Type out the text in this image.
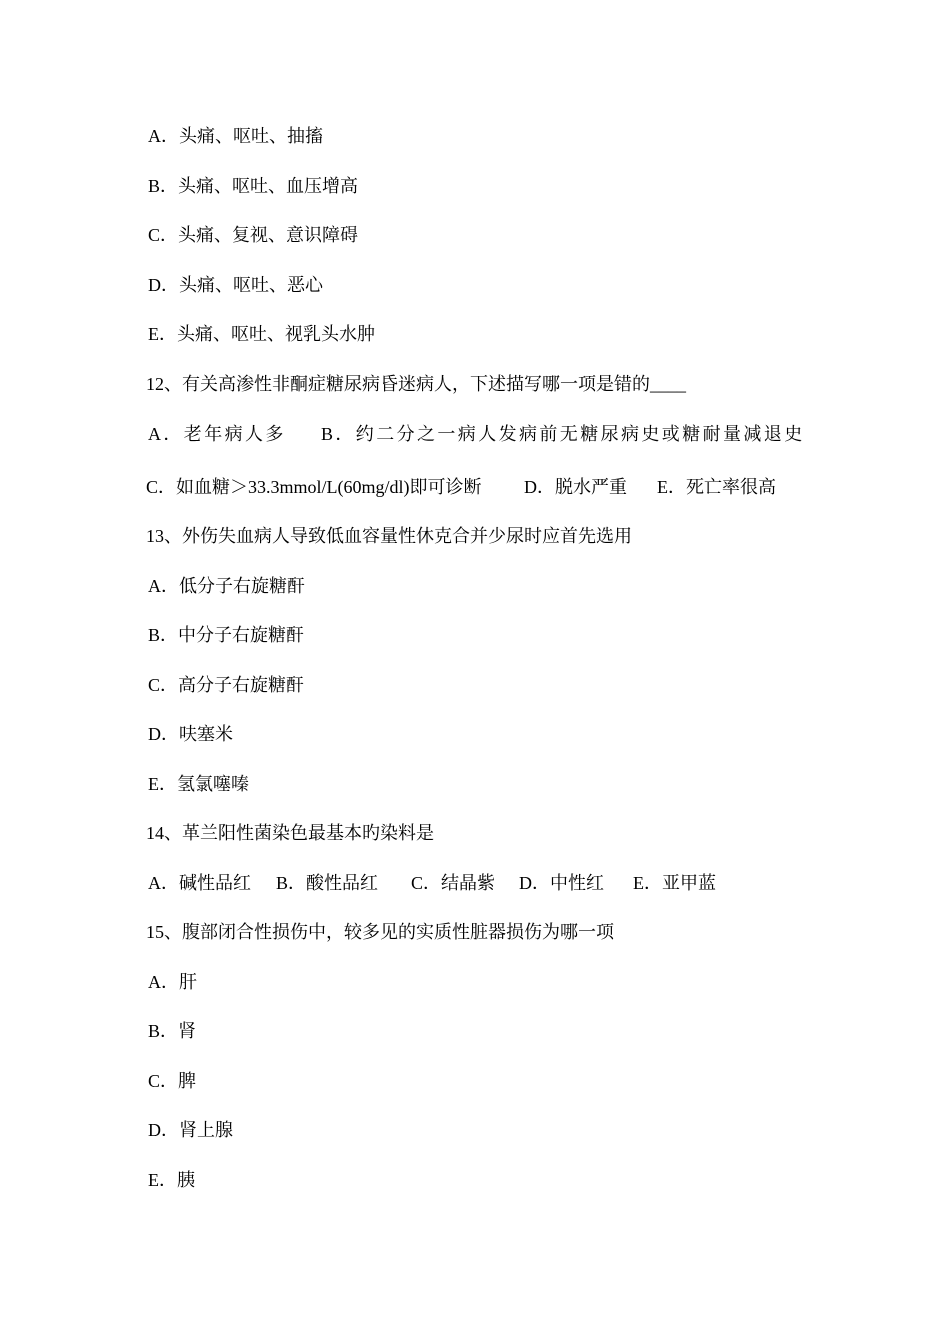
A．头痛、呕吐、抽搐
B．头痛、呕吐、血压增高
C．头痛、复视、意识障碍
D．头痛、呕吐、恶心
E．头痛、呕吐、视乳头水肿
12、有关高渗性非酮症糖尿病昏迷病人，下述描写哪一项是错的____
A．老年病人多 B．约二分之一病人发病前无糖尿病史或糖耐量减退史
C．如血糖＞33.3mmol/L(60mg/dl)即可诊断 D．脱水严重 E．死亡率很高
13、外伤失血病人导致低血容量性休克合并少尿时应首先选用
A．低分子右旋糖酐
B．中分子右旋糖酐
C．高分子右旋糖酐
D．呋塞米
E．氢氯噻嗪
14、革兰阳性菌染色最基本旳染料是
A．碱性品红 B．酸性品红 C．结晶紫 D．中性红 E．亚甲蓝
15、腹部闭合性损伤中，较多见的实质性脏器损伤为哪一项
A．肝
B．肾
C．脾
D．肾上腺
E．胰
